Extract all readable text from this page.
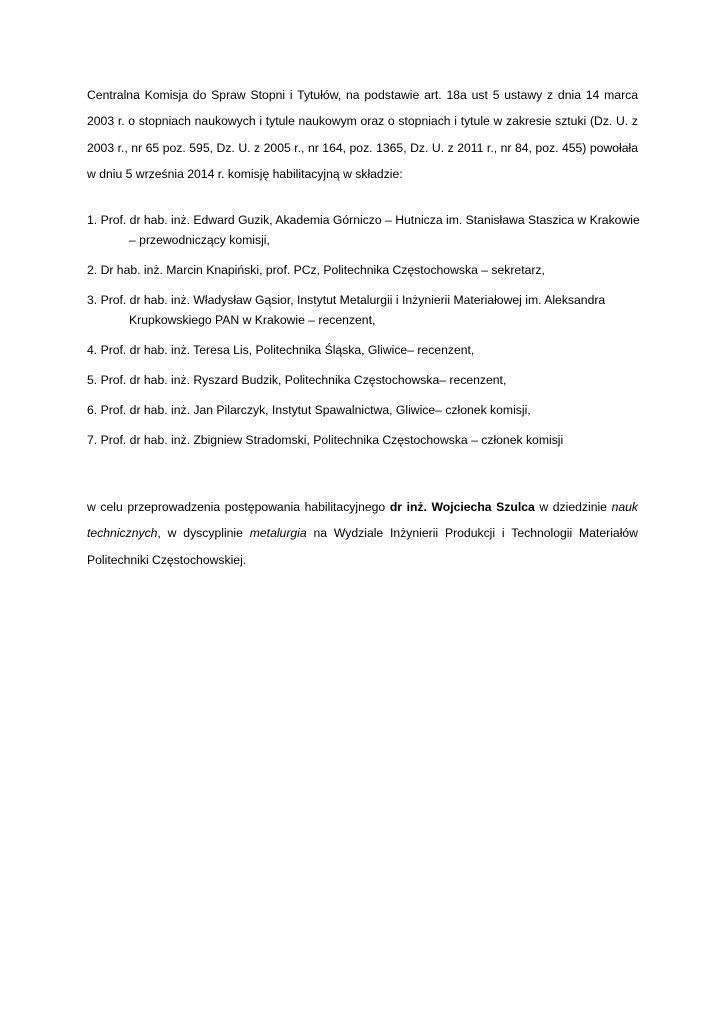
Centralna Komisja do Spraw Stopni i Tytułów, na podstawie art. 18a ust 5 ustawy z dnia 14 marca 2003 r. o stopniach naukowych i tytule naukowym oraz o stopniach i tytule w zakresie sztuki (Dz. U. z 2003 r., nr 65 poz. 595, Dz. U. z 2005 r., nr 164, poz. 1365, Dz. U. z 2011 r., nr 84, poz. 455) powołała w dniu 5 września 2014 r. komisję habilitacyjną w składzie:

1. Prof. dr hab. inż. Edward Guzik, Akademia Górniczo – Hutnicza im. Stanisława Staszica w Krakowie
– przewodniczący komisji,
2. Dr hab. inż. Marcin Knapiński, prof. PCz, Politechnika Częstochowska – sekretarz,
3. Prof. dr hab. inż. Władysław Gąsior, Instytut Metalurgii i Inżynierii Materiałowej im. Aleksandra
Krupkowskiego PAN w Krakowie – recenzent,
4. Prof. dr hab. inż. Teresa Lis, Politechnika Śląska, Gliwice– recenzent,
5. Prof. dr hab. inż. Ryszard Budzik, Politechnika Częstochowska– recenzent,
6. Prof. dr hab. inż. Jan Pilarczyk, Instytut Spawalnictwa, Gliwice– członek komisji,
7. Prof. dr hab. inż. Zbigniew Stradomski, Politechnika Częstochowska – członek komisji

w celu przeprowadzenia postępowania habilitacyjnego dr inż. Wojciecha Szulca w dziedzinie nauk technicznych, w dyscyplinie metalurgia na Wydziale Inżynierii Produkcji i Technologii Materiałów Politechniki Częstochowskiej.
